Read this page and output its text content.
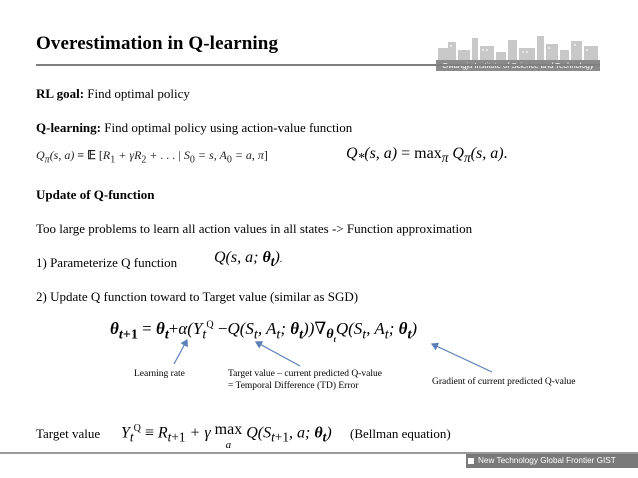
Overestimation in Q-learning
RL goal: Find optimal policy
Q-learning: Find optimal policy using action-value function
$Q_\pi(s$, a) ≡ 𝔼 [$R_1 + \gamma R_2$ + . . . | $S_0 = s$, $A_0 = a$, π]	$Q_*(s$, $a) = \max_\pi Q_\pi(s$, a).
Update of Q-function
Too large problems to learn all action values in all states -> Function approximation
1) Parameterize Q function Q(s, a; $\theta_t$).
2) Update Q function toward to Target value (similar as SGD)
$\theta_{t+1} = \theta_t+\alpha(Y_t^Q -Q(S_t$, $A_t$; $\theta_t))\nabla_{\theta_t}Q(S_t$, $A_t$; $\theta_t$)
Learning rate	Target value – current predicted Q-value
= Temporal Difference (TD) Error	Gradient of current predicted Q-value
Target value $Y_t^Q \equiv R_{t+1} + \gamma$ max
a $Q(S_{t+1}$, a; $\theta_t$) (Bellman equation)
New Technology Global Frontier GIST
